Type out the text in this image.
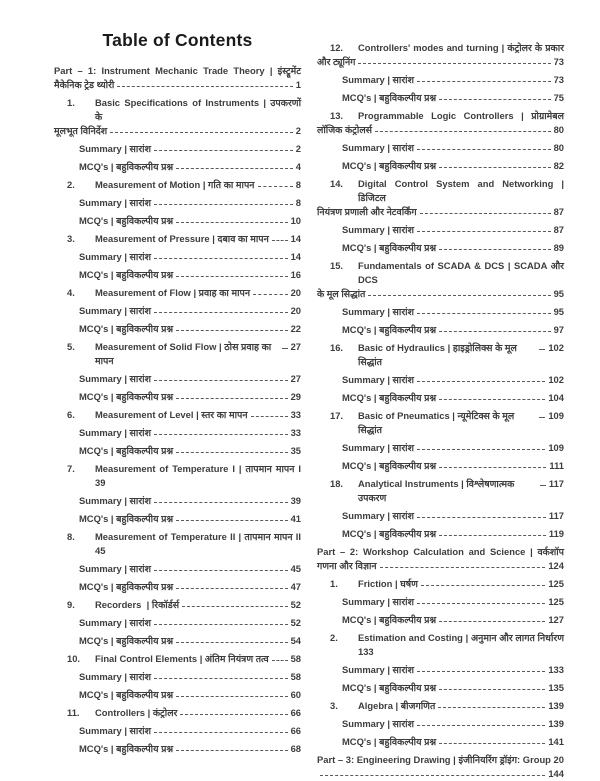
Table of Contents
Part – 1: Instrument Mechanic Trade Theory | इंस्ट्रूमेंट
मैकेनिक ट्रेड थ्योरी	1
1.	Basic Specifications of Instruments | उपकरणों के
मूलभूत विनिर्देश	2
Summary | सारांश	2
MCQ's | बहुविकल्पीय प्रश्न	4
2.	Measurement of Motion | गति का मापन	8
Summary | सारांश	8
MCQ's | बहुविकल्पीय प्रश्न	10
3.	Measurement of Pressure | दबाव का मापन 14
Summary | सारांश	14
MCQ's | बहुविकल्पीय प्रश्न	16
4.	Measurement of Flow | प्रवाह का मापन	20
Summary | सारांश	20
MCQ's | बहुविकल्पीय प्रश्न	22
5.	Measurement of Solid Flow | ठोस प्रवाह का मापन
27
Summary | सारांश	27
MCQ's | बहुविकल्पीय प्रश्न	29
6.	Measurement of Level | स्तर का मापन	33
Summary | सारांश	33
MCQ's | बहुविकल्पीय प्रश्न	35
7.	Measurement of Temperature I | तापमान मापन I
39
Summary | सारांश	39
MCQ's | बहुविकल्पीय प्रश्न	41
8.	Measurement of Temperature II | तापमान मापन II
45
Summary | सारांश	45
MCQ's | बहुविकल्पीय प्रश्न	47
9.	Recorders  | रिकॉर्डर्स	52
Summary | सारांश	52
MCQ's | बहुविकल्पीय प्रश्न	54
10.	Final Control Elements | अंतिम नियंत्रण तत्व 58
Summary | सारांश	58
MCQ's | बहुविकल्पीय प्रश्न	60
11.	Controllers | कंट्रोलर	66
Summary | सारांश	66
MCQ's | बहुविकल्पीय प्रश्न	68
12.	Controllers' modes and turning | कंट्रोलर के प्रकार
और ट्यूनिंग	73
Summary | सारांश	73
MCQ's | बहुविकल्पीय प्रश्न	75
13.	Programmable Logic Controllers | प्रोग्रामेबल
लॉजिक कंट्रोलर्स	80
Summary | सारांश	80
MCQ's | बहुविकल्पीय प्रश्न	82
14.	Digital Control System and Networking | डिजिटल
नियंत्रण प्रणाली और नेटवर्किंग	87
Summary | सारांश	87
MCQ's | बहुविकल्पीय प्रश्न	89
15.	Fundamentals of SCADA & DCS | SCADA और DCS
के मूल सिद्धांत	95
Summary | सारांश	95
MCQ's | बहुविकल्पीय प्रश्न	97
16.	Basic of Hydraulics | हाइड्रोलिक्स के मूल सिद्धांत
102
Summary | सारांश	102
MCQ's | बहुविकल्पीय प्रश्न	104
17.	Basic of Pneumatics | न्यूमेटिक्स के मूल सिद्धांत
109
Summary | सारांश	109
MCQ's | बहुविकल्पीय प्रश्न	111
18.	Analytical Instruments | विश्लेषणात्मक उपकरण
117
Summary | सारांश	117
MCQ's | बहुविकल्पीय प्रश्न	119
Part – 2: Workshop Calculation and Science | वर्कशॉप
गणना और विज्ञान	124
1.	Friction | घर्षण	125
Summary | सारांश	125
MCQ's | बहुविकल्पीय प्रश्न	127
2.	Estimation and Costing | अनुमान और लागत निर्धारण
133
Summary | सारांश	133
MCQ's | बहुविकल्पीय प्रश्न	135
3.	Algebra | बीजगणित	139
Summary | सारांश	139
MCQ's | बहुविकल्पीय प्रश्न	141
Part – 3: Engineering Drawing | इंजीनियरिंग ड्रॉइंग: Group 20
144
